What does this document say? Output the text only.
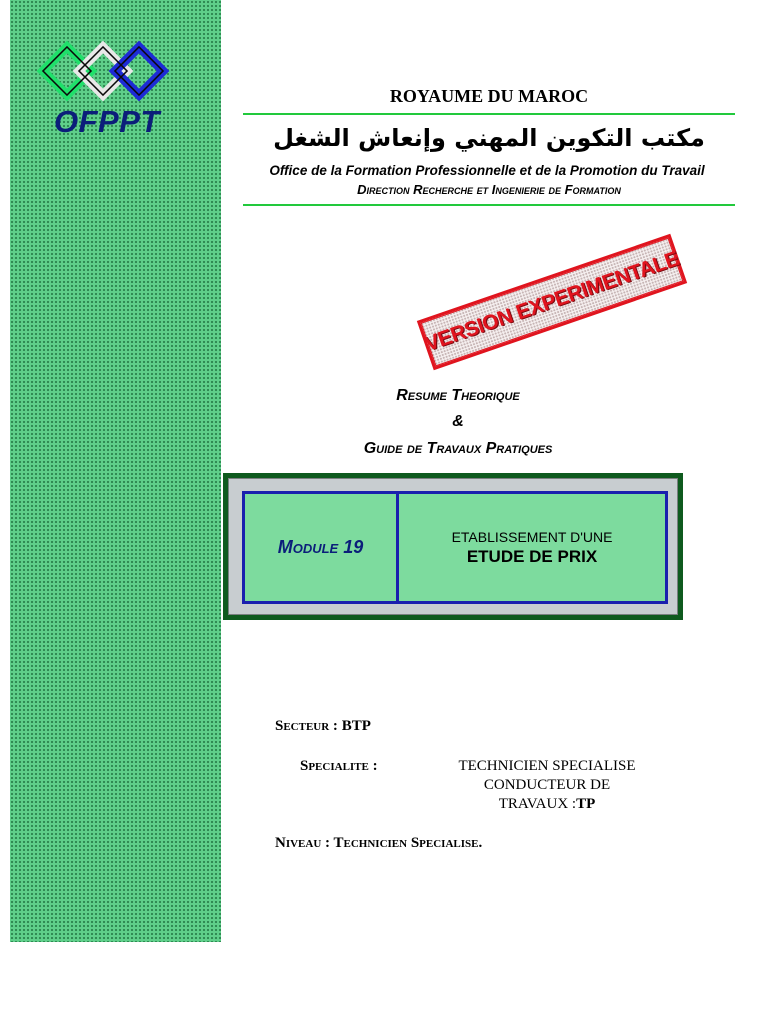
OFPPT
ROYAUME DU MAROC
مكتب التكوين المهني وإنعاش الشغل
Office de la Formation Professionnelle et de la Promotion du Travail
Direction Recherche et Ingenierie de Formation
VERSION EXPERIMENTALE
Resume Theorique
&
Guide de Travaux Pratiques
Module 19
ETABLISSEMENT D'UNE
ETUDE DE PRIX
Secteur : BTP
Specialite :	TECHNICIEN SPECIALISE
CONDUCTEUR DE
TRAVAUX :TP
Niveau : Technicien Specialise.
